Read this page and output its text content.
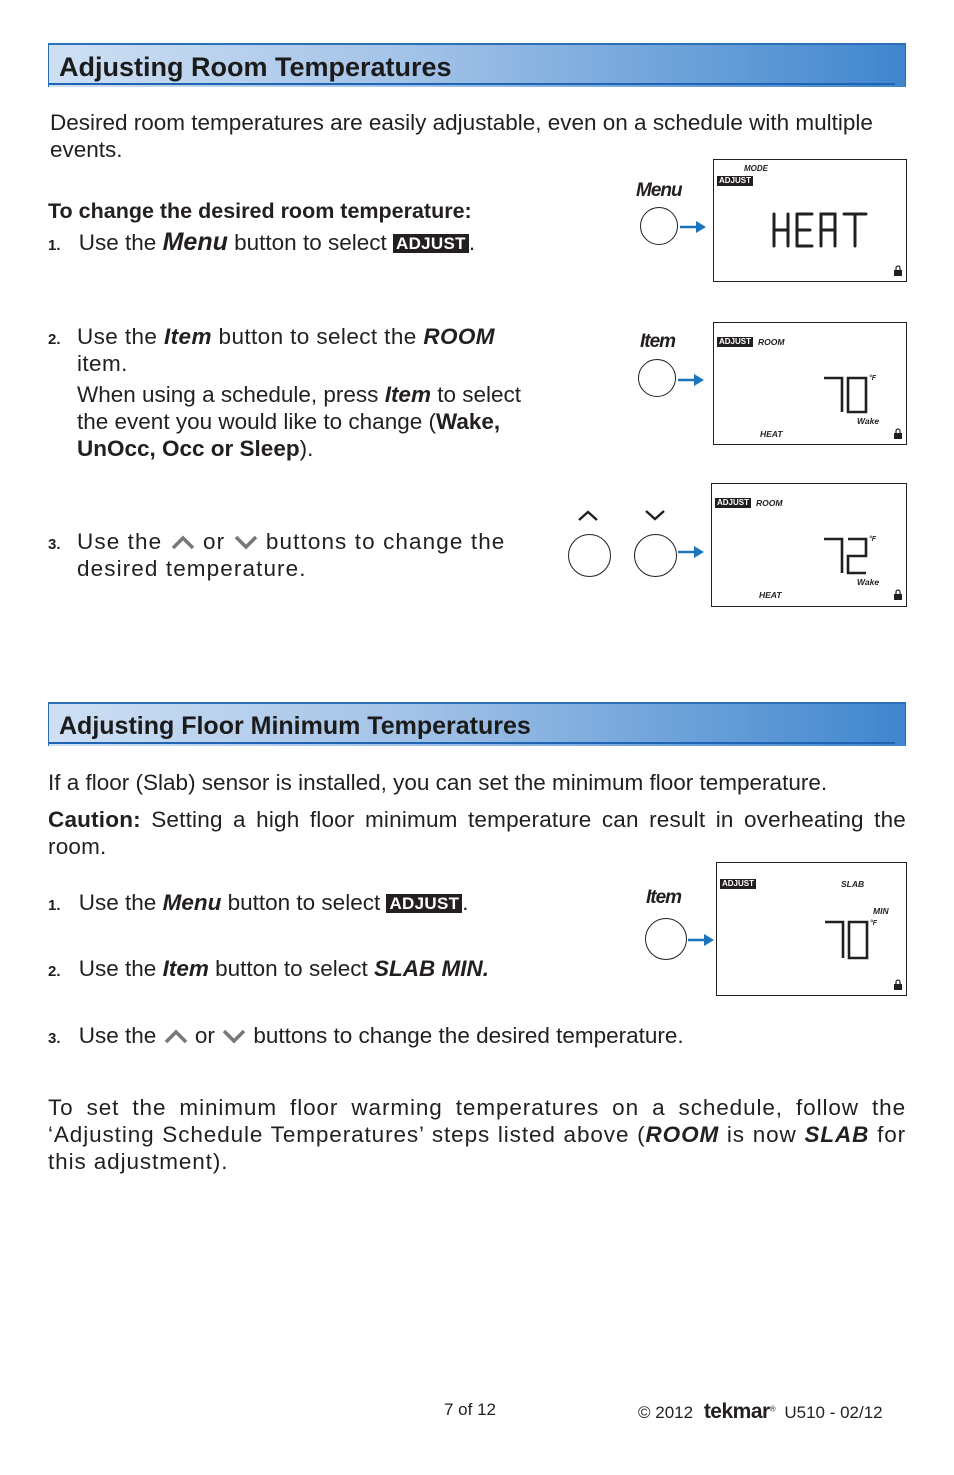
Adjusting Room Temperatures
Desired room temperatures are easily adjustable, even on a schedule with multiple events.
To change the desired room temperature:
1. Use the Menu button to select ADJUST .
2. Use the Item button to select the ROOM item.
When using a schedule, press Item to select the event you would like to change (Wake, UnOcc, Occ or Sleep).
3. Use the or buttons to change the desired temperature.
Menu
MODE
ADJUST
Item	ADJUST ROOM
°F
Wake
HEAT
ADJUST ROOM
°F
Wake
HEAT
Adjusting Floor Minimum Temperatures
If a floor (Slab) sensor is installed, you can set the minimum floor temperature.
Caution: Setting a high floor minimum temperature can result in overheating the room.
1. Use the Menu button to select ADJUST .
2. Use the Item button to select SLAB MIN.
3. Use the or buttons to change the desired temperature.
Item
ADJUST	SLAB
MIN
°F
To set the minimum floor warming temperatures on a schedule, follow the ‘Adjusting Schedule Temperatures’ steps listed above (ROOM is now SLAB for this adjustment).
7 of 12	© 2012 tekmar® U510 - 02/12
